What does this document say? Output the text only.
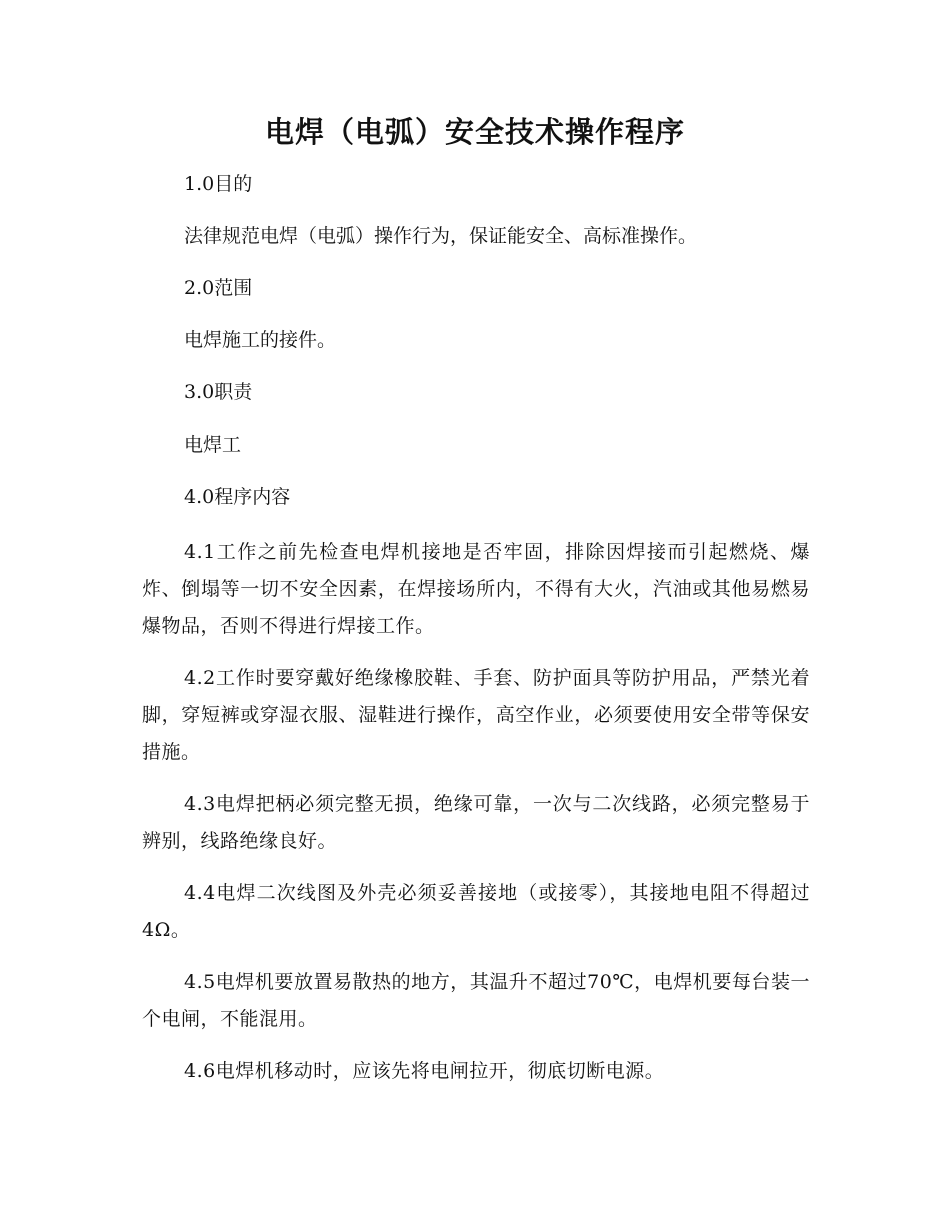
电焊（电弧）安全技术操作程序

1.0目的

法律规范电焊（电弧）操作行为，保证能安全、高标准操作。

2.0范围

电焊施工的接件。

3.0职责

电焊工

4.0程序内容

4.1工作之前先检查电焊机接地是否牢固，排除因焊接而引起燃烧、爆炸、倒塌等一切不安全因素，在焊接场所内，不得有大火，汽油或其他易燃易爆物品，否则不得进行焊接工作。

4.2工作时要穿戴好绝缘橡胶鞋、手套、防护面具等防护用品，严禁光着脚，穿短裤或穿湿衣服、湿鞋进行操作，高空作业，必须要使用安全带等保安措施。

4.3电焊把柄必须完整无损，绝缘可靠，一次与二次线路，必须完整易于辨别，线路绝缘良好。

4.4电焊二次线图及外壳必须妥善接地（或接零），其接地电阻不得超过4Ω。

4.5电焊机要放置易散热的地方，其温升不超过70℃，电焊机要每台装一个电闸，不能混用。

4.6电焊机移动时，应该先将电闸拉开，彻底切断电源。
